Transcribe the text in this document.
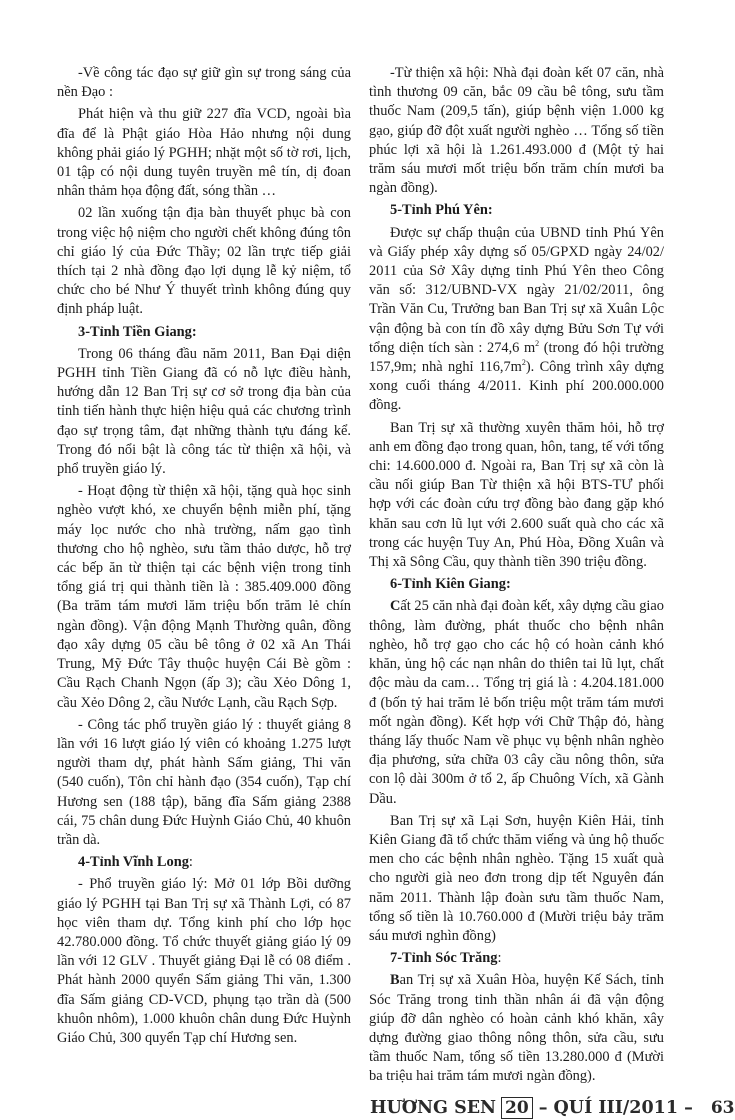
-Về công tác đạo sự giữ gìn sự trong sáng của nền Đạo :

Phát hiện và thu giữ 227 đĩa VCD, ngoài bìa đĩa để là Phật giáo Hòa Hảo nhưng nội dung không phải giáo lý PGHH; nhặt một số tờ rơi, lịch, 01 tập có nội dung tuyên truyền mê tín, dị đoan nhân thảm họa động đất, sóng thần …

02 lần xuống tận địa bàn thuyết phục bà con trong việc hộ niệm cho người chết không đúng tôn chỉ giáo lý của Đức Thầy; 02 lần trực tiếp giải thích tại 2 nhà đồng đạo lợi dụng lễ kỷ niệm, tổ chức cho bé Như Ý thuyết trình không đúng quy định pháp luật.

3-Tỉnh Tiền Giang:

Trong 06 tháng đầu năm 2011, Ban Đại diện PGHH tỉnh Tiền Giang đã có nỗ lực điều hành, hướng dẫn 12 Ban Trị sự cơ sở trong địa bàn của tỉnh tiến hành thực hiện hiệu quả các chương trình đạo sự trọng tâm, đạt những thành tựu đáng kể. Trong đó nổi bật là công tác từ thiện xã hội, và phổ truyền giáo lý.

- Hoạt động từ thiện xã hội, tặng quà học sinh nghèo vượt khó, xe chuyển bệnh miễn phí, tặng máy lọc nước cho nhà trường, nấm gạo tình thương cho hộ nghèo, sưu tầm thảo dược, hỗ trợ các bếp ăn từ thiện tại các bệnh viện trong tỉnh tổng giá trị qui thành tiền là : 385.409.000 đồng (Ba trăm tám mươi lăm triệu bốn trăm lẻ chín ngàn đồng). Vận động Mạnh Thường quân, đồng đạo xây dựng 05 cầu bê tông ở 02 xã An Thái Trung, Mỹ Đức Tây thuộc huyện Cái Bè gồm : Cầu Rạch Chanh Ngọn (ấp 3); cầu Xẻo Dông 1, cầu Xẻo Dông 2, cầu Nước Lạnh, cầu Rạch Sợp.

- Công tác phổ truyền giáo lý : thuyết giảng 8 lần với 16 lượt giáo lý viên có khoảng 1.275 lượt người tham dự, phát hành Sấm giảng, Thi văn (540 cuốn), Tôn chỉ hành đạo (354 cuốn), Tạp chí Hương sen (188 tập), băng đĩa Sấm giảng 2388 cái, 75 chân dung Đức Huỳnh Giáo Chủ, 40 khuôn trần dà.

4-Tỉnh Vĩnh Long:

- Phổ truyền giáo lý: Mở 01 lớp Bồi dưỡng giáo lý PGHH tại Ban Trị sự xã Thành Lợi, có 87 học viên tham dự. Tổng kinh phí cho lớp học 42.780.000 đồng. Tổ chức thuyết giảng giáo lý 09 lần với 12 GLV . Thuyết giảng Đại lễ có 08 điểm . Phát hành 2000 quyển Sấm giảng Thi văn, 1.300 đĩa Sấm giảng CD-VCD, phụng tạo trần dà (500 khuôn nhôm), 1.000 khuôn chân dung Đức Huỳnh Giáo Chủ, 300 quyển Tạp chí Hương sen.

-Từ thiện xã hội: Nhà đại đoàn kết 07 căn, nhà tình thương 09 căn, bắc 09 cầu bê tông, sưu tầm thuốc Nam (209,5 tấn), giúp bệnh viện 1.000 kg gạo, giúp đỡ đột xuất người nghèo … Tổng số tiền phúc lợi xã hội là 1.261.493.000 đ (Một tỷ hai trăm sáu mươi mốt triệu bốn trăm chín mươi ba ngàn đồng).

5-Tỉnh Phú Yên:

Được sự chấp thuận của UBND tỉnh Phú Yên và Giấy phép xây dựng số 05/GPXD ngày 24/02/ 2011 của Sở Xây dựng tỉnh Phú Yên theo Công văn số: 312/UBND-VX ngày 21/02/2011, ông Trần Văn Cu, Trưởng ban Ban Trị sự xã Xuân Lộc vận động bà con tín đồ xây dựng Bửu Sơn Tự với tổng diện tích sàn : 274,6 $m^2$ (trong đó hội trường 157,9m; nhà nghỉ $116,7m^2$). Công trình xây dựng xong cuối tháng 4/2011. Kinh phí 200.000.000 đồng.

Ban Trị sự xã thường xuyên thăm hỏi, hỗ trợ anh em đồng đạo trong quan, hôn, tang, tế với tổng chi: 14.600.000 đ. Ngoài ra, Ban Trị sự xã còn là cầu nối giúp Ban Từ thiện xã hội BTS-TƯ phối hợp với các đoàn cứu trợ đồng bào đang gặp khó khăn sau cơn lũ lụt với 2.600 suất quà cho các xã trong các huyện Tuy An, Phú Hòa, Đồng Xuân và Thị xã Sông Cầu, quy thành tiền 390 triệu đồng.

6-Tỉnh Kiên Giang:

Cất 25 căn nhà đại đoàn kết, xây dựng cầu giao thông, làm đường, phát thuốc cho bệnh nhân nghèo, hỗ trợ gạo cho các hộ có hoàn cảnh khó khăn, ủng hộ các nạn nhân do thiên tai lũ lụt, chất độc màu da cam… Tổng trị giá là : 4.204.181.000 đ (bốn tỷ hai trăm lẻ bốn triệu một trăm tám mươi mốt ngàn đồng). Kết hợp với Chữ Thập đỏ, hàng tháng lấy thuốc Nam về phục vụ bệnh nhân nghèo địa phương, sửa chữa 03 cây cầu nông thôn, sửa con lộ dài 300m ở tổ 2, ấp Chuông Vích, xã Gành Dầu.

Ban Trị sự xã Lại Sơn, huyện Kiên Hải, tỉnh Kiên Giang đã tổ chức thăm viếng và ủng hộ thuốc men cho các bệnh nhân nghèo. Tặng 15 xuất quà cho người già neo đơn trong dịp tết Nguyên đán năm 2011. Thành lập đoàn sưu tầm thuốc Nam, tổng số tiền là 10.760.000 đ (Mười triệu bảy trăm sáu mươi nghìn đồng)

7-Tỉnh Sóc Trăng:

Ban Trị sự xã Xuân Hòa, huyện Kế Sách, tỉnh Sóc Trăng trong tinh thần nhân ái đã vận động giúp đỡ dân nghèo có hoàn cảnh khó khăn, xây dựng đường giao thông nông thôn, sửa cầu, sưu tầm thuốc Nam, tổng số tiền 13.280.000 đ (Mười ba triệu hai trăm tám mươi ngàn đồng).

HƯƠNG SEN 20 – QUÍ III/2011 – 63
